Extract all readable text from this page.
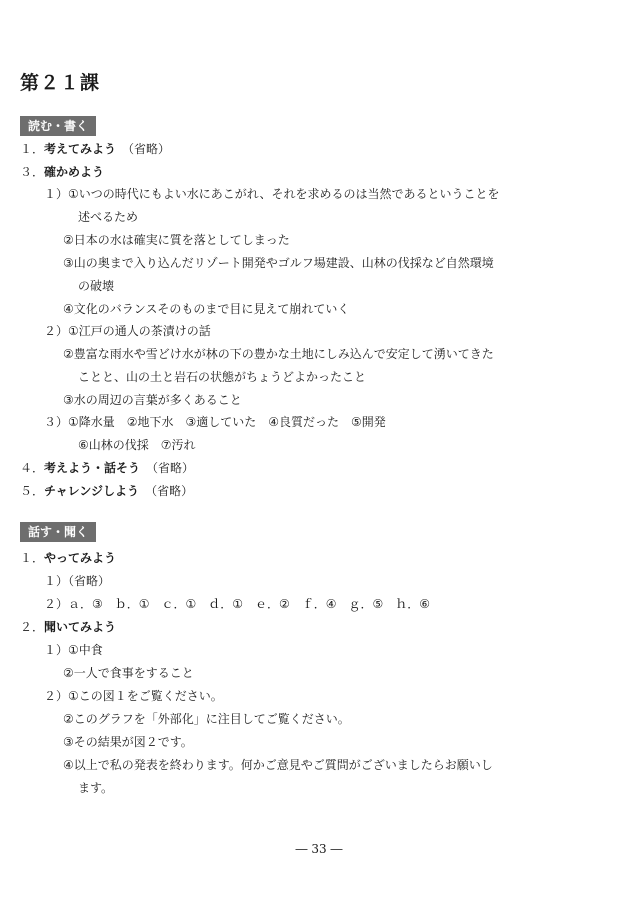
第２１課
読む・書く
１．考えてみよう　 （省略）
３．確かめよう
１）①いつの時代にもよい水にあこがれ、それを求めるのは当然であるということを
述べるため
②日本の水は確実に質を落としてしまった
③山の奥まで入り込んだリゾート開発やゴルフ場建設、山林の伐採など自然環境
の破壊
④文化のバランスそのものまで目に見えて崩れていく
２）①江戸の通人の茶漬けの話
②豊富な雨水や雪どけ水が林の下の豊かな土地にしみ込んで安定して湧いてきた
ことと、山の土と岩石の状態がちょうどよかったこと
③水の周辺の言葉が多くあること
３）①降水量　②地下水　③適していた　④良質だった　⑤開発
⑥山林の伐採　⑦汚れ
４．考えよう・話そう　 （省略）
５．チャレンジしよう　 （省略）
話す・聞く
１．やってみよう
１）（省略）
２）ａ．③　ｂ．①　ｃ．①　ｄ．①　ｅ．②　ｆ．④　ｇ．⑤　ｈ．⑥
２．聞いてみよう
１）①中食
②一人で食事をすること
２）①この図１をご覧ください。
②このグラフを「外部化」に注目してご覧ください。
③その結果が図２です。
④以上で私の発表を終わります。何かご意見やご質問がございましたらお願いし
ます。
― 33 ―
